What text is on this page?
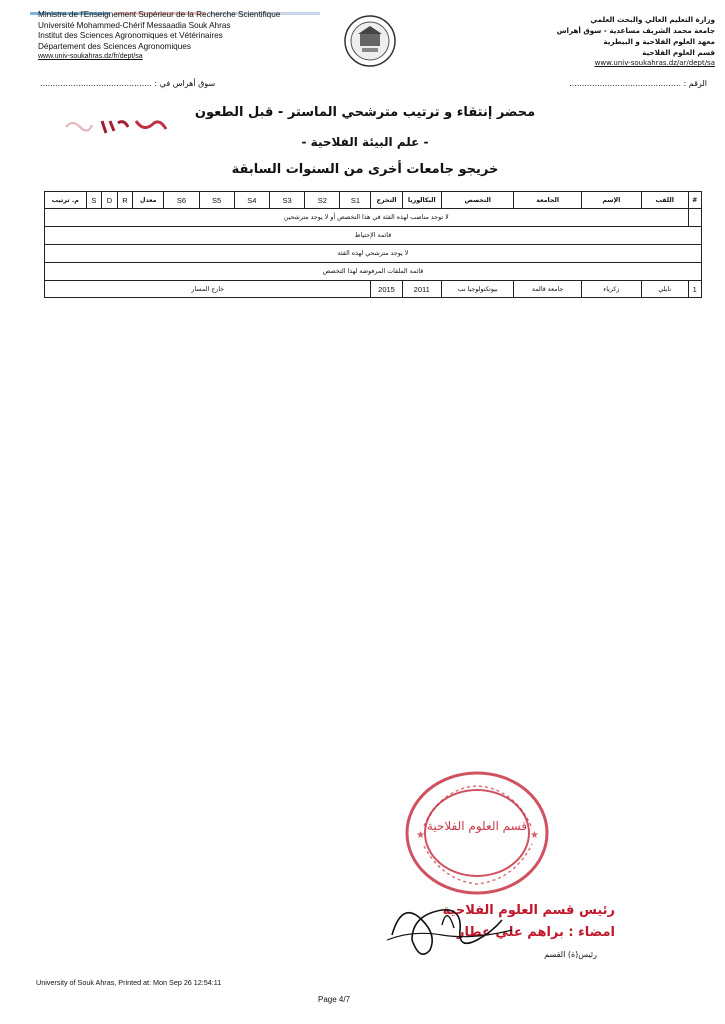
Ministre de l'Enseignement Supérieur de la Recherche Scientifique
Université Mohammed-Chérif Messaadia Souk Ahras
Institut des Sciences Agronomiques et Vétérinaires
Département des Sciences Agronomiques
www.univ-soukahras.dz/fr/dept/sa
وزارة التعليم العالي والبحث العلمي
جامعة محمد الشريف مساعدية - سوق أهراس
معهد العلوم الفلاحية و البيطرية
قسم العلوم الفلاحية
www.univ-soukahras.dz/ar/dept/sa
الرقم : ............................................
سوق أهراس في : ............................................
محضر إنتقاء و ترتيب مترشحي الماستر - قبل الطعون
- علم البيئة الفلاحية -
خريجو جامعات أخرى من السنوات السابقة
#	اللقب	الإسم	الجامعة	التخصص	البكالوريا	التخرج	S1	S2	S3	S4	S5	S6	معدل	R	D	S	م. ترتيب
	لا توجد مناصب لهذه الفئة في هذا التخصص أو لا يوجد مترشحين																
قائمة الإحتياط																	
لا يوجد مترشحي لهذه الفئة																	
قائمة الملفات المرفوضة لهذا التخصص																	
1	نايلي	زكرياء	جامعة قالمة	بيوتكنولوجيا نب	2011	2015	خارج المسار										
قسم العلوم الفلاحية
★	★
رئيس قسم العلوم الفلاحية
امضاء : براهم علي عطار
رئيس(ة) القسم
University of Souk Ahras, Printed at: Mon Sep 26 12:54:11
Page 4/7
